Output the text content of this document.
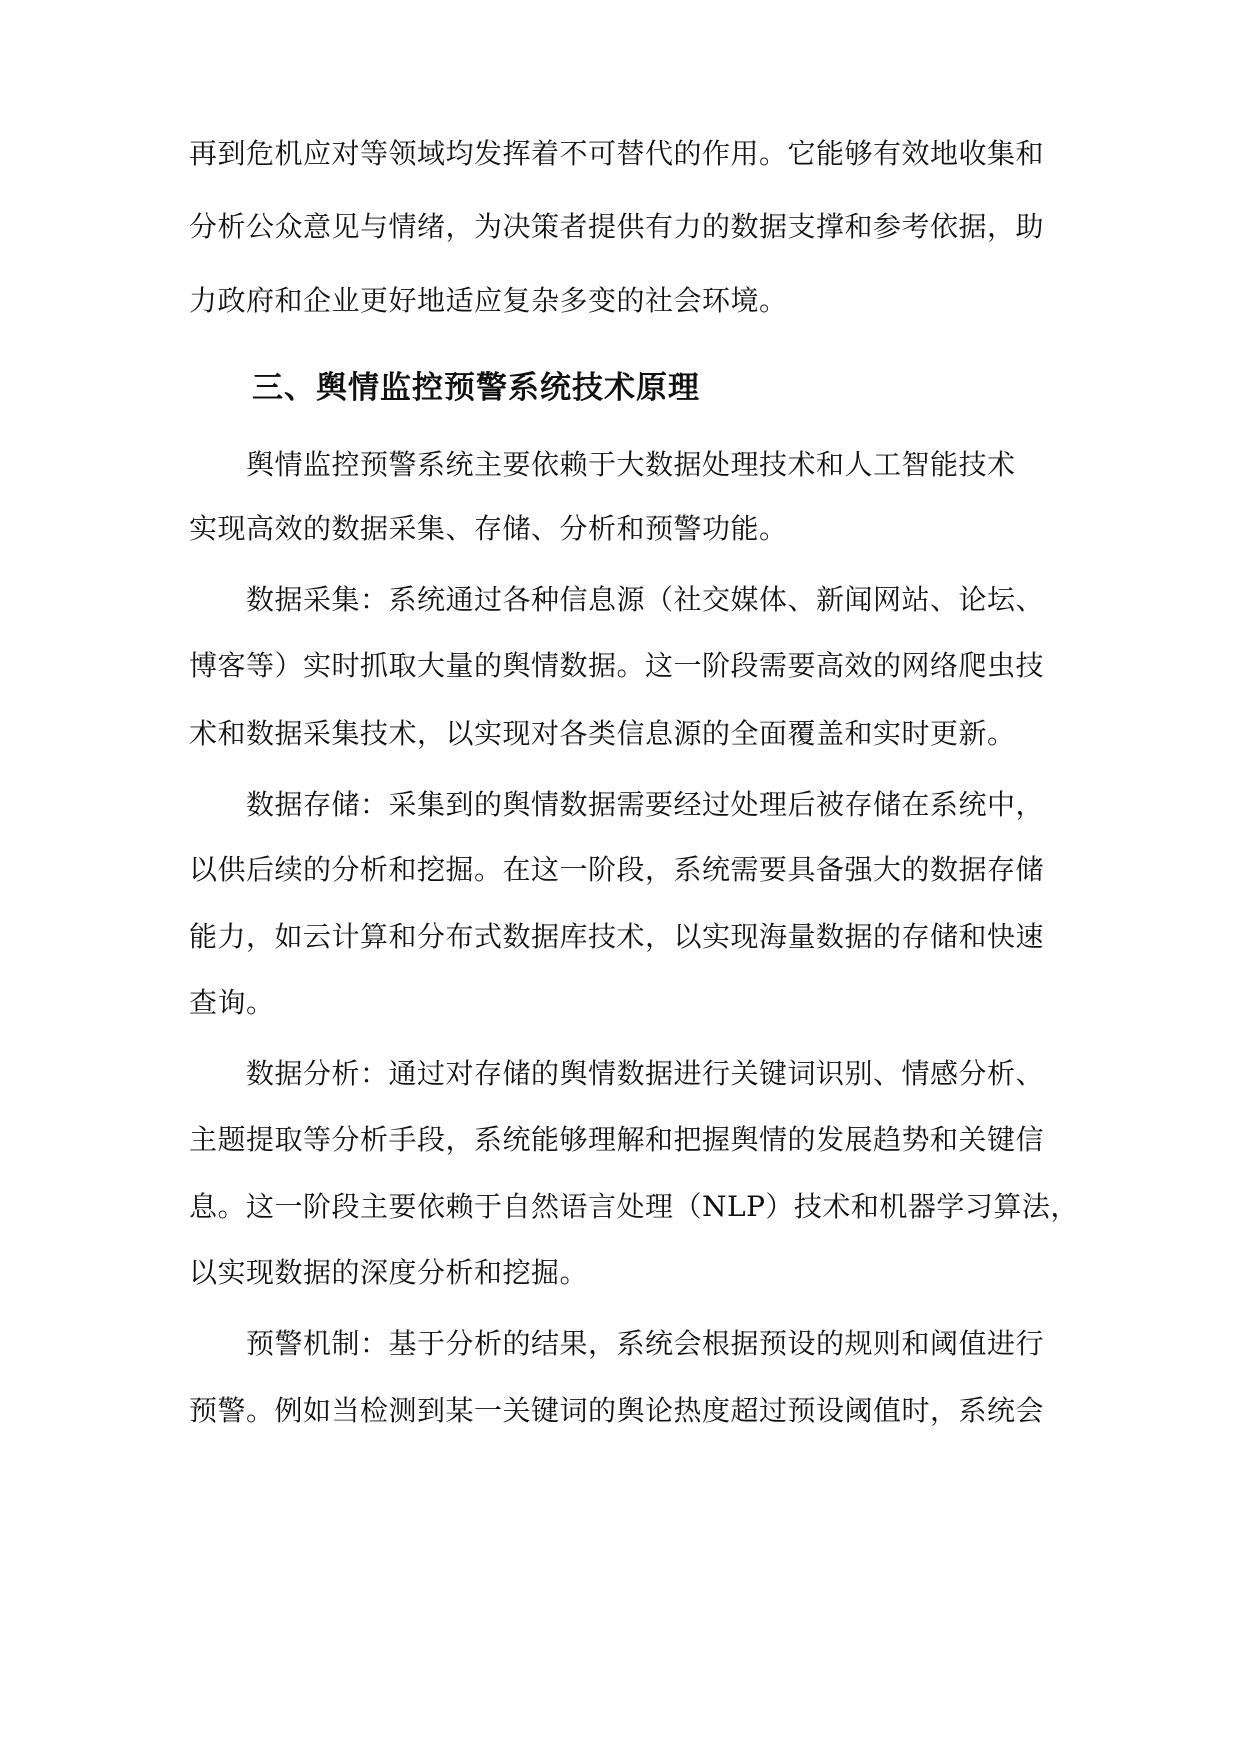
再到危机应对等领域均发挥着不可替代的作用。它能够有效地收集和
分析公众意见与情绪，为决策者提供有力的数据支撑和参考依据，助
力政府和企业更好地适应复杂多变的社会环境。
三、舆情监控预警系统技术原理
　　舆情监控预警系统主要依赖于大数据处理技术和人工智能技术
实现高效的数据采集、存储、分析和预警功能。
　　数据采集：系统通过各种信息源（社交媒体、新闻网站、论坛、
博客等）实时抓取大量的舆情数据。这一阶段需要高效的网络爬虫技
术和数据采集技术，以实现对各类信息源的全面覆盖和实时更新。
　　数据存储：采集到的舆情数据需要经过处理后被存储在系统中，
以供后续的分析和挖掘。在这一阶段，系统需要具备强大的数据存储
能力，如云计算和分布式数据库技术，以实现海量数据的存储和快速
查询。
　　数据分析：通过对存储的舆情数据进行关键词识别、情感分析、
主题提取等分析手段，系统能够理解和把握舆情的发展趋势和关键信
息。这一阶段主要依赖于自然语言处理（NLP）技术和机器学习算法，
以实现数据的深度分析和挖掘。
　　预警机制：基于分析的结果，系统会根据预设的规则和阈值进行
预警。例如当检测到某一关键词的舆论热度超过预设阈值时，系统会
